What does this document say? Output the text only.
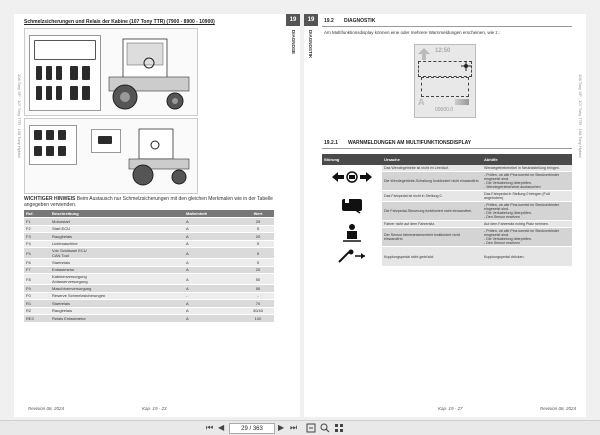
108 Tony SP · 107 Tony TTR · 108 Tony Hybrid
Schmelzsicherungen und Relais der Kabine (107 Tony TTR) (7900 - 8900 - 10900)
WICHTIGER HINWEIS Beim Austausch nur Schmelzsicherungen mit den gleichen Merkmalen wie in der Tabelle
angegeben verwenden.
Ref.	Beschreibung	Maßeinheit	Wert
F1	Motorstart	A	25
F2	Start ECU	A	5
F3	Rauglrelais	A	20
F4	Lichtmaschine	A	5
F5	Vdc Schlüssel ECU
CAN Tool	A	5
F6	Startrelais	A	5
F7	Entlastmetor	A	20
F8	Kabinenversorgung
Anlasserversorgung	A	50
F9	Maschinenversorgung	A	50
F0	Reserve Schmelzsicherungen	-	-
R1	Startrelais	A	70
R2	Rauglrelais	A	30/40
RE3	Relais Entastmetor	A	100
Revision 06, 2024	Kap. 19 - 23
19
DIAGNOSE
19
DIAGNOSTIK
108 Tony SP · 107 Tony TTR · 108 Tony Hybrid
19.2 DIAGNOSTIK
Am Multifunktionsdisplay können eine oder mehrere Warnmeldungen erscheinen, wie z.:
12:50
A
00000.0
19.2.1 WARNMELDUNGEN AM MULTIFUNKTIONSDISPLAY
Störung	Ursache	Abhilfe
	Das Wendegetriebe ist nicht im Leerlauf.	Wendegetriebehebel in Neutralstellung bringen.
	Die Wendegetriebe-Schaltung funktioniert nicht einwandfrei.	- Prüfen, ob alle Pins korrekt im Steckverbinder eingesetzt sind.
- Die Verkabelung überprüfen.
- Wendegetriebehebel austauschen

	Das Fahrpedal ist nicht in Stellung 0.	Das Fahrpedal in Stellung 0 bringen (Fuß angehoben).
	Die Fahrpedal-Steuerung funktioniert nicht einwandfrei.	- Prüfen, ob alle Pins korrekt im Steckverbinder eingesetzt sind.
- Die Verkabelung überprüfen.
- Den Sensor ersetzen

	Fahrer nicht auf dem Fahrersitz.	Auf dem Fahrersitz richtig Platz nehmen.
	Der Sensor fahreranwesenheit funktioniert nicht einwandfrei.	- Prüfen, ob alle Pins korrekt im Steckverbinder eingesetzt sind.
- Die Verkabelung überprüfen.
- Den Sensor ersetzen

	Kupplungspedal nicht gedrückt.	Kupplungspedal drücken.
Kap. 19 - 27	Revision 06, 2024
⏮ ◀	29 / 363	▶ ⏭
